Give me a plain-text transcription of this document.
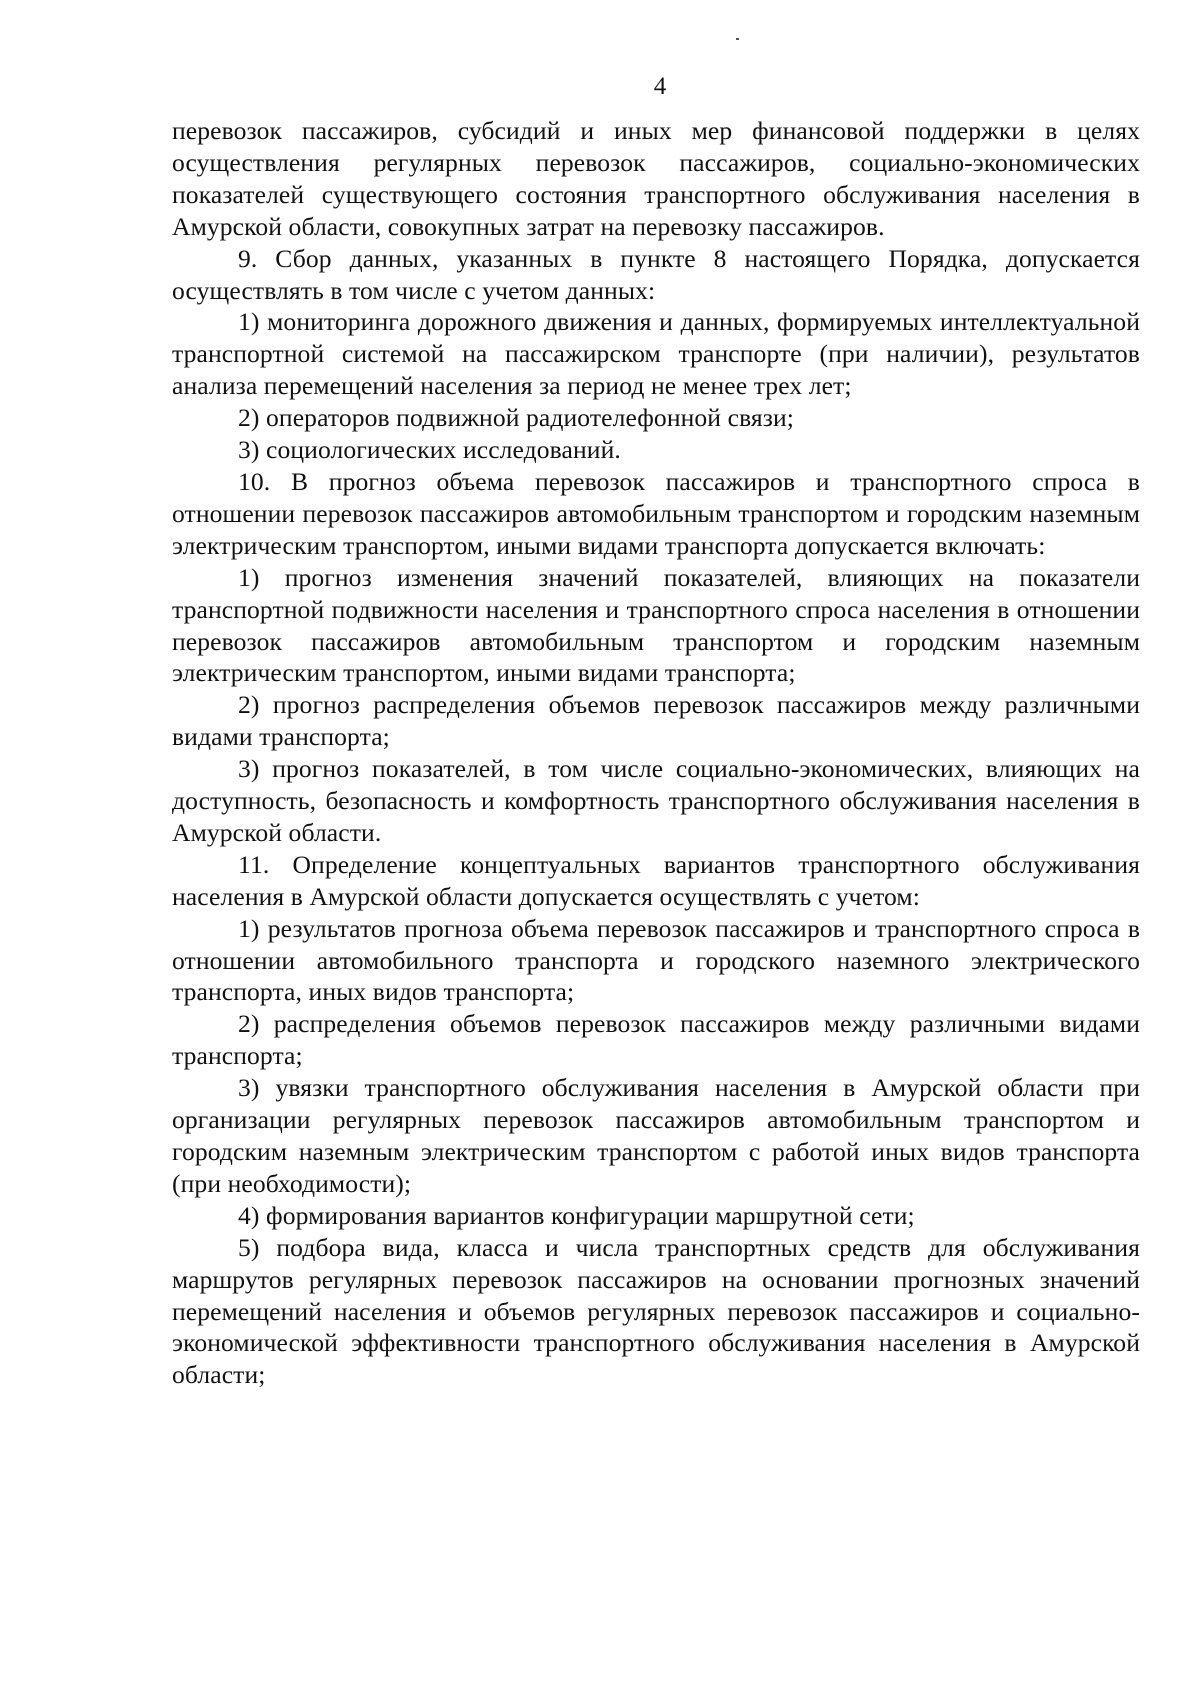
4

перевозок пассажиров, субсидий и иных мер финансовой поддержки в целях осуществления регулярных перевозок пассажиров, социально-экономических показателей существующего состояния транспортного обслуживания населения в Амурской области, совокупных затрат на перевозку пассажиров.

9. Сбор данных, указанных в пункте 8 настоящего Порядка, допускается осуществлять в том числе с учетом данных:

1) мониторинга дорожного движения и данных, формируемых интеллектуальной транспортной системой на пассажирском транспорте (при наличии), результатов анализа перемещений населения за период не менее трех лет;

2) операторов подвижной радиотелефонной связи;

3) социологических исследований.

10. В прогноз объема перевозок пассажиров и транспортного спроса в отношении перевозок пассажиров автомобильным транспортом и городским наземным электрическим транспортом, иными видами транспорта допускается включать:

1) прогноз изменения значений показателей, влияющих на показатели транспортной подвижности населения и транспортного спроса населения в отношении перевозок пассажиров автомобильным транспортом и городским наземным электрическим транспортом, иными видами транспорта;

2) прогноз распределения объемов перевозок пассажиров между различными видами транспорта;

3) прогноз показателей, в том числе социально-экономических, влияющих на доступность, безопасность и комфортность транспортного обслуживания населения в Амурской области.

11. Определение концептуальных вариантов транспортного обслуживания населения в Амурской области допускается осуществлять с учетом:

1) результатов прогноза объема перевозок пассажиров и транспортного спроса в отношении автомобильного транспорта и городского наземного электрического транспорта, иных видов транспорта;

2) распределения объемов перевозок пассажиров между различными видами транспорта;

3) увязки транспортного обслуживания населения в Амурской области при организации регулярных перевозок пассажиров автомобильным транспортом и городским наземным электрическим транспортом с работой иных видов транспорта (при необходимости);

4) формирования вариантов конфигурации маршрутной сети;

5) подбора вида, класса и числа транспортных средств для обслуживания маршрутов регулярных перевозок пассажиров на основании прогнозных значений перемещений населения и объемов регулярных перевозок пассажиров и социально-экономической эффективности транспортного обслуживания населения в Амурской области;
